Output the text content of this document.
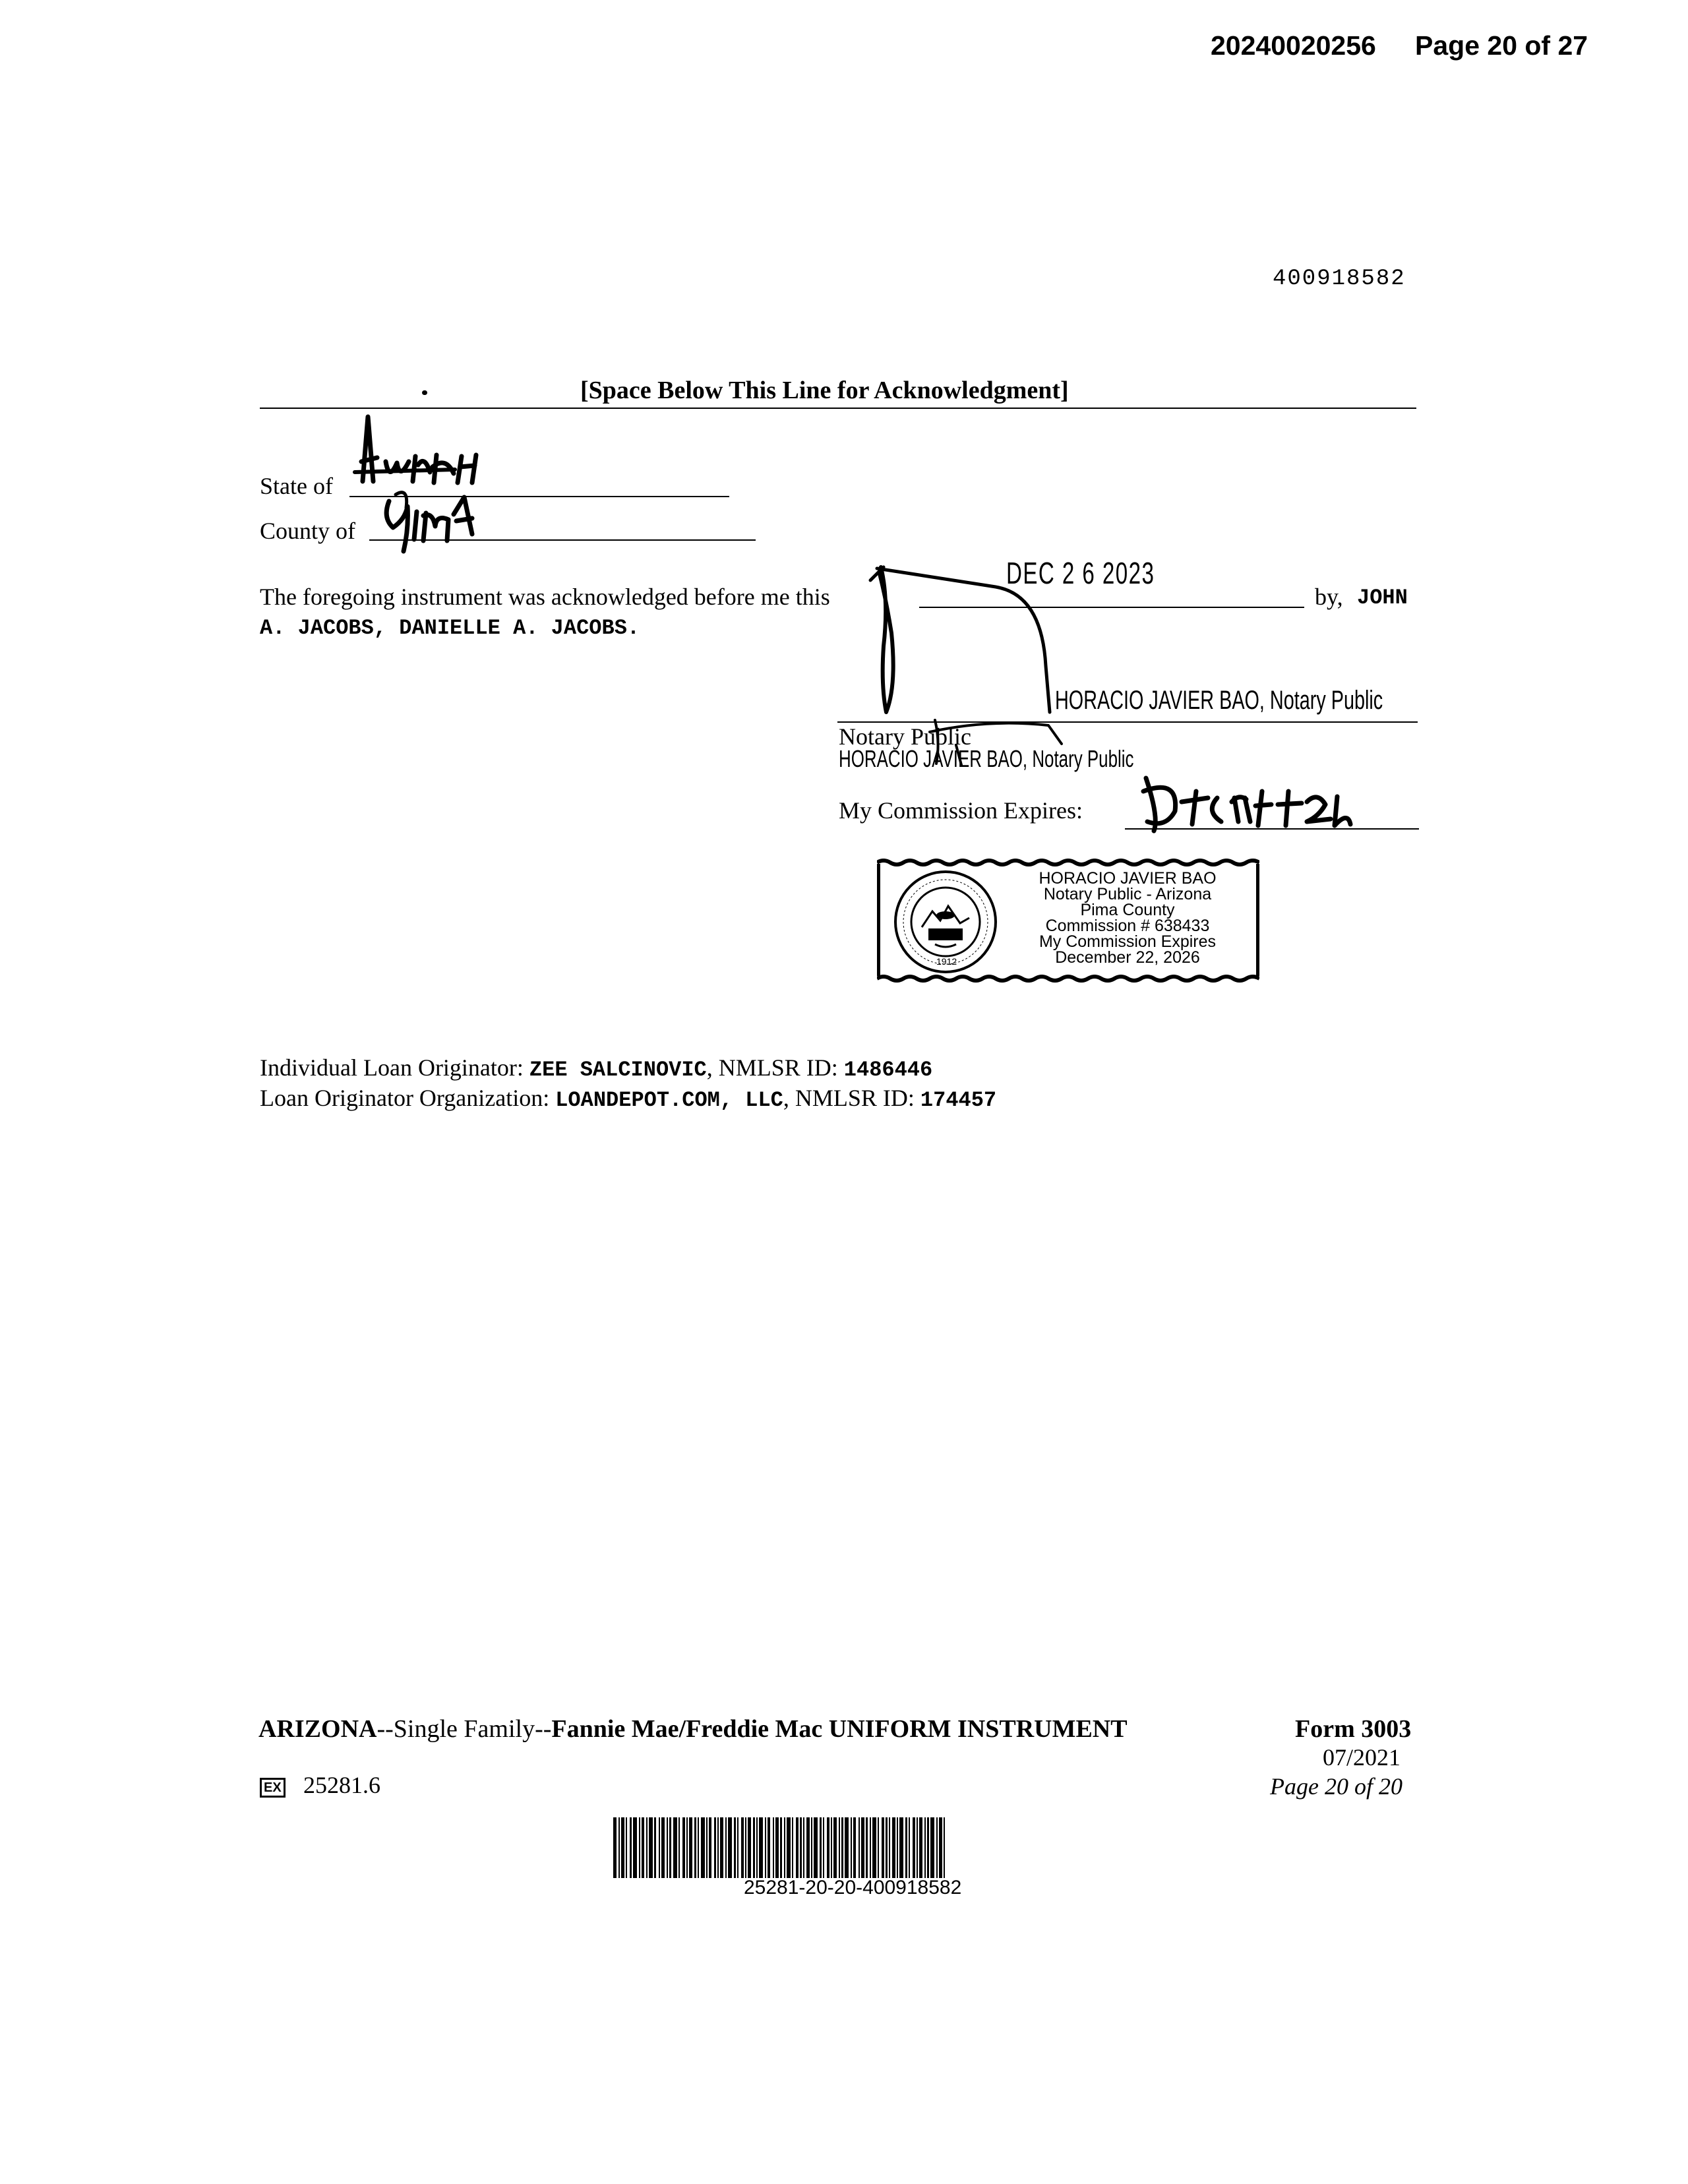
20240020256 Page 20 of 27
400918582
[Space Below This Line for Acknowledgment]
State of
County of
The foregoing instrument was acknowledged before me this
DEC 2 6 2023
by, JOHN
A. JACOBS, DANIELLE A. JACOBS.
HORACIO JAVIER BAO, Notary Public
Notary Public
HORACIO JAVIER BAO, Notary Public
My Commission Expires:
1912
HORACIO JAVIER BAO
Notary Public - Arizona
Pima County
Commission # 638433
My Commission Expires
December 22, 2026
Individual Loan Originator: ZEE SALCINOVIC, NMLSR ID: 1486446
Loan Originator Organization: LOANDEPOT.COM, LLC, NMLSR ID: 174457
ARIZONA--Single Family--Fannie Mae/Freddie Mac UNIFORM INSTRUMENT	Form 3003
07/2021
Page 20 of 20
EX 25281.6
25281-20-20-400918582
